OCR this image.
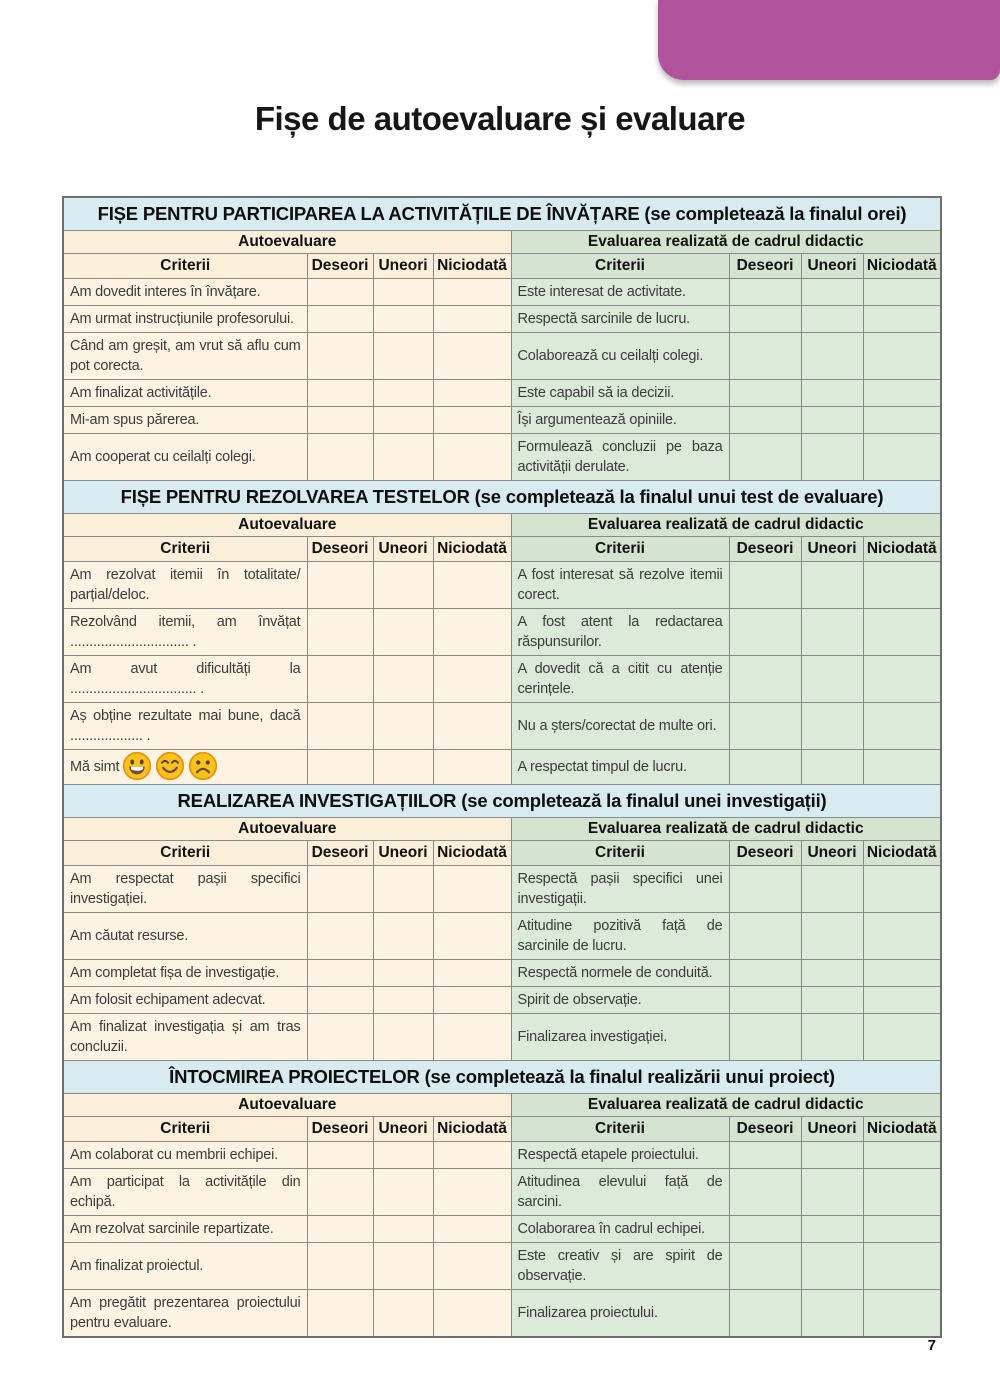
Fișe de autoevaluare și evaluare
FIȘE PENTRU PARTICIPAREA LA ACTIVITĂȚILE DE ÎNVĂȚARE (se completează la finalul orei)							
Autoevaluare				Evaluarea realizată de cadrul didactic			
Criterii	Deseori	Uneori	Niciodată	Criterii	Deseori	Uneori	Niciodată
Am dovedit interes în învățare.				Este interesat de activitate.			
Am urmat instrucțiunile profesorului.				Respectă sarcinile de lucru.			
Când am greșit, am vrut să aflu cum pot corecta.				Colaborează cu ceilalți colegi.			
Am finalizat activitățile.				Este capabil să ia decizii.			
Mi-am spus părerea.				Își argumentează opiniile.			
Am cooperat cu ceilalți colegi.				Formulează concluzii pe baza activității derulate.			
FIȘE PENTRU REZOLVAREA TESTELOR (se completează la finalul unui test de evaluare)							
Autoevaluare				Evaluarea realizată de cadrul didactic			
Criterii	Deseori	Uneori	Niciodată	Criterii	Deseori	Uneori	Niciodată
Am rezolvat itemii în totalitate/ parțial/deloc.				A fost interesat să rezolve itemii corect.			
Rezolvând itemii, am învățat ............................... .				A fost atent la redactarea răspunsurilor.			
Am avut dificultăți la ................................. .				A dovedit că a citit cu atenție cerințele.			
Aș obține rezultate mai bune, dacă ................... .				Nu a șters/corectat de multe ori.			
Mă simt				A respectat timpul de lucru.			
REALIZAREA INVESTIGAȚIILOR (se completează la finalul unei investigații)							
Autoevaluare				Evaluarea realizată de cadrul didactic			
Criterii	Deseori	Uneori	Niciodată	Criterii	Deseori	Uneori	Niciodată
Am respectat pașii specifici investigației.				Respectă pașii specifici unei investigații.			
Am căutat resurse.				Atitudine pozitivă față de sarcinile de lucru.			
Am completat fișa de investigație.				Respectă normele de conduită.			
Am folosit echipament adecvat.				Spirit de observație.			
Am finalizat investigația și am tras concluzii.				Finalizarea investigației.			
ÎNTOCMIREA PROIECTELOR (se completează la finalul realizării unui proiect)							
Autoevaluare				Evaluarea realizată de cadrul didactic			
Criterii	Deseori	Uneori	Niciodată	Criterii	Deseori	Uneori	Niciodată
Am colaborat cu membrii echipei.				Respectă etapele proiectului.			
Am participat la activitățile din echipă.				Atitudinea elevului față de sarcini.			
Am rezolvat sarcinile repartizate.				Colaborarea în cadrul echipei.			
Am finalizat proiectul.				Este creativ și are spirit de observație.			
Am pregătit prezentarea proiectului pentru evaluare.				Finalizarea proiectului.			
7
